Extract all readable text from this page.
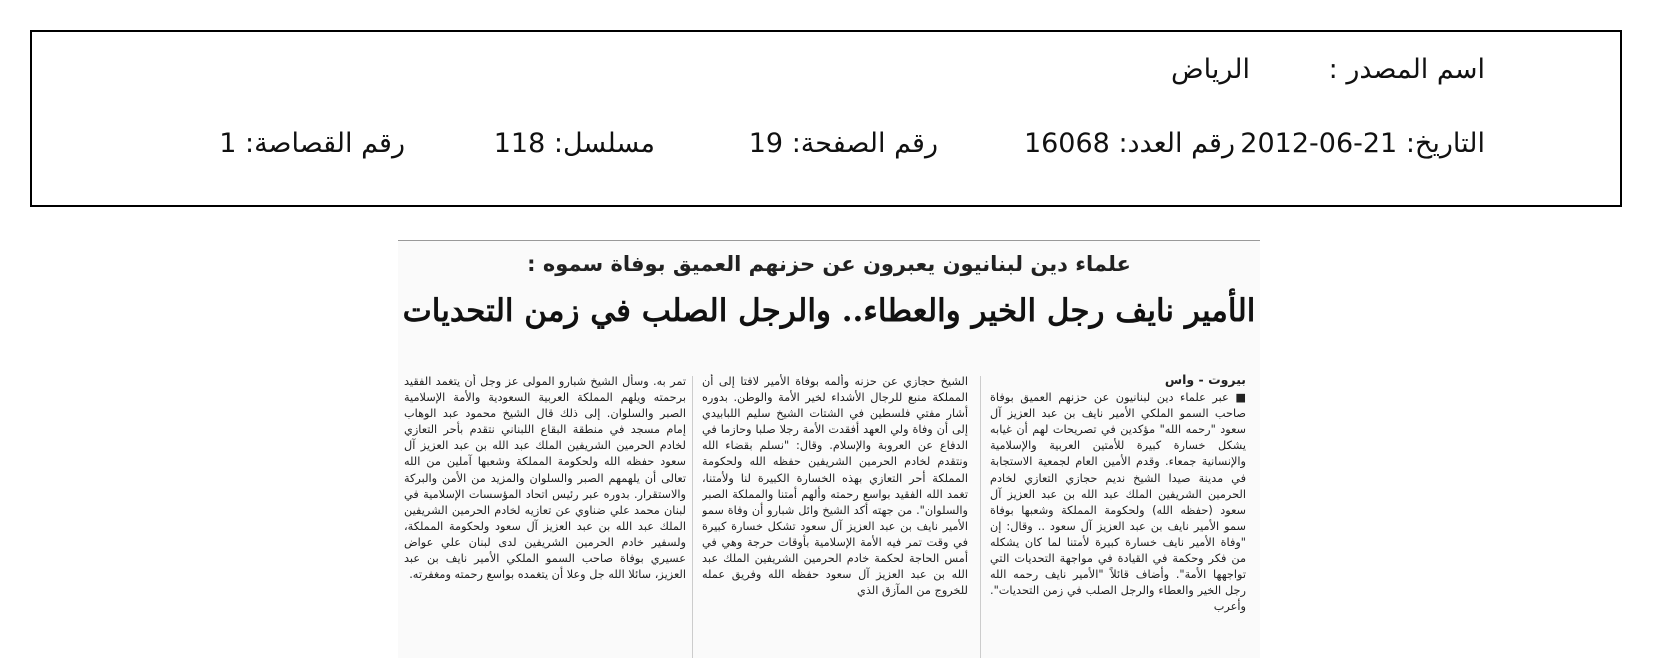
اسم المصدر :
الرياض
التاريخ: 21-06-2012
رقم العدد: 16068
رقم الصفحة: 19
مسلسل: 118
رقم القصاصة: 1
علماء دين لبنانيون يعبرون عن حزنهم العميق بوفاة سموه :
الأمير نايف رجل الخير والعطاء.. والرجل الصلب في زمن التحديات
بيروت - واس

■ عبر علماء دين لبنانيون عن حزنهم العميق بوفاة صاحب السمو الملكي الأمير نايف بن عبد العزيز آل سعود "رحمه الله" مؤكدين في تصريحات لهم أن غيابه يشكل خسارة كبيرة للأمتين العربية والإسلامية والإنسانية جمعاء. وقدم الأمين العام لجمعية الاستجابة في مدينة صيدا الشيخ نديم حجازي التعازي لخادم الحرمين الشريفين الملك عبد الله بن عبد العزيز آل سعود (حفظه الله) ولحكومة المملكة وشعبها بوفاة سمو الأمير نايف بن عبد العزيز آل سعود .. وقال: إن "وفاة الأمير نايف خسارة كبيرة لأمتنا لما كان يشكله من فكر وحكمة في القيادة في مواجهة التحديات التي تواجهها الأمة". وأضاف قائلاً "الأمير نايف رحمه الله رجل الخير والعطاء والرجل الصلب في زمن التحديات". وأعرب

الشيخ حجازي عن حزنه وألمه بوفاة الأمير لافتا إلى أن المملكة منبع للرجال الأشداء لخير الأمة والوطن. بدوره أشار مفتي فلسطين في الشتات الشيخ سليم اللبابيدي إلى أن وفاة ولي العهد أفقدت الأمة رجلا صلبا وحازما في الدفاع عن العروبة والإسلام. وقال: "نسلم بقضاء الله ونتقدم لخادم الحرمين الشريفين حفظه الله ولحكومة المملكة أحر التعازي بهذه الخسارة الكبيرة لنا ولأمتنا، تغمد الله الفقيد بواسع رحمته وألهم أمتنا والمملكة الصبر والسلوان". من جهته أكد الشيخ وائل شبارو أن وفاة سمو الأمير نايف بن عبد العزيز آل سعود تشكل خسارة كبيرة في وقت تمر فيه الأمة الإسلامية بأوقات حرجة وهي في أمس الحاجة لحكمة خادم الحرمين الشريفين الملك عبد الله بن عبد العزيز آل سعود حفظه الله وفريق عمله للخروج من المآزق الذي

تمر به. وسأل الشيخ شبارو المولى عز وجل أن يتغمد الفقيد برحمته ويلهم المملكة العربية السعودية والأمة الإسلامية الصبر والسلوان. إلى ذلك قال الشيخ محمود عبد الوهاب إمام مسجد في منطقة البقاع اللبناني نتقدم بأحر التعازي لخادم الحرمين الشريفين الملك عبد الله بن عبد العزيز آل سعود حفظه الله ولحكومة المملكة وشعبها آملين من الله تعالى أن يلهمهم الصبر والسلوان والمزيد من الأمن والبركة والاستقرار. بدوره عبر رئيس اتحاد المؤسسات الإسلامية في لبنان محمد علي ضناوي عن تعازيه لخادم الحرمين الشريفين الملك عبد الله بن عبد العزيز آل سعود ولحكومة المملكة، ولسفير خادم الحرمين الشريفين لدى لبنان علي عواض عسيري بوفاة صاحب السمو الملكي الأمير نايف بن عبد العزيز، سائلا الله جل وعلا أن يتغمده بواسع رحمته ومغفرته.
